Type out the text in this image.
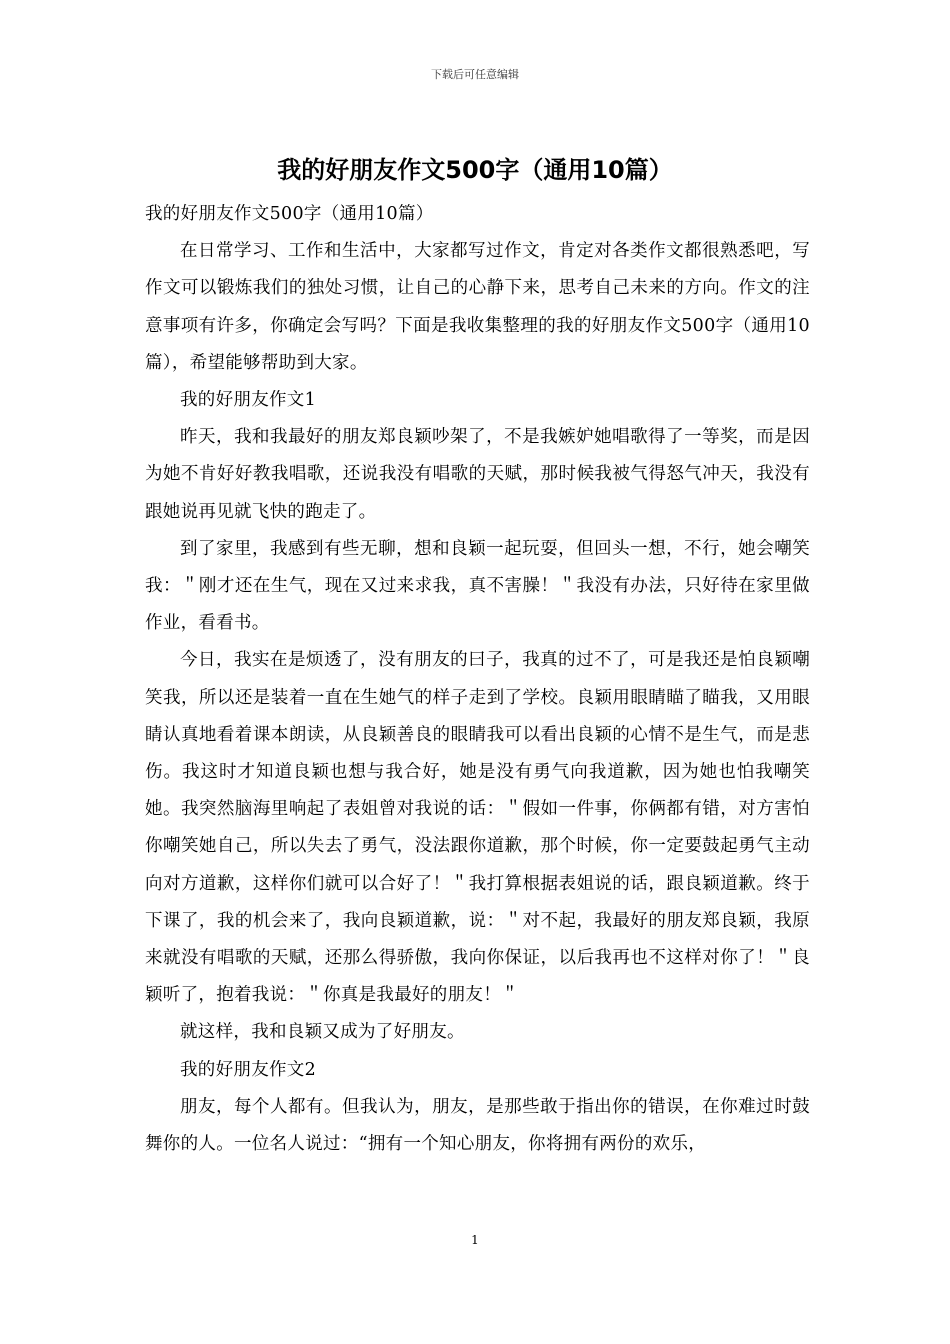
下载后可任意编辑
我的好朋友作文500字（通用10篇）

我的好朋友作文500字（通用10篇）

在日常学习、工作和生活中，大家都写过作文，肯定对各类作文都很熟悉吧，写作文可以锻炼我们的独处习惯，让自己的心静下来，思考自己未来的方向。作文的注意事项有许多，你确定会写吗？下面是我收集整理的我的好朋友作文500字（通用10篇），希望能够帮助到大家。

我的好朋友作文1

昨天，我和我最好的朋友郑良颖吵架了，不是我嫉妒她唱歌得了一等奖，而是因为她不肯好好教我唱歌，还说我没有唱歌的天赋，那时候我被气得怒气冲天，我没有跟她说再见就飞快的跑走了。

到了家里，我感到有些无聊，想和良颖一起玩耍，但回头一想，不行，她会嘲笑我：＂刚才还在生气，现在又过来求我，真不害臊！＂我没有办法，只好待在家里做作业，看看书。

今日，我实在是烦透了，没有朋友的曰子，我真的过不了，可是我还是怕良颖嘲笑我，所以还是装着一直在生她气的样子走到了学校。良颖用眼睛瞄了瞄我，又用眼睛认真地看着课本朗读，从良颖善良的眼睛我可以看出良颖的心情不是生气，而是悲伤。我这时才知道良颖也想与我合好，她是没有勇气向我道歉，因为她也怕我嘲笑她。我突然脑海里响起了表姐曾对我说的话：＂假如一件事，你俩都有错，对方害怕你嘲笑她自己，所以失去了勇气，没法跟你道歉，那个时候，你一定要鼓起勇气主动向对方道歉，这样你们就可以合好了！＂我打算根据表姐说的话，跟良颖道歉。终于下课了，我的机会来了，我向良颖道歉，说：＂对不起，我最好的朋友郑良颖，我原来就没有唱歌的天赋，还那么得骄傲，我向你保证，以后我再也不这样对你了！＂良颖听了，抱着我说：＂你真是我最好的朋友！＂

就这样，我和良颖又成为了好朋友。

我的好朋友作文2

朋友，每个人都有。但我认为，朋友，是那些敢于指出你的错误，在你难过时鼓舞你的人。一位名人说过：“拥有一个知心朋友，你将拥有两份的欢乐，

1
